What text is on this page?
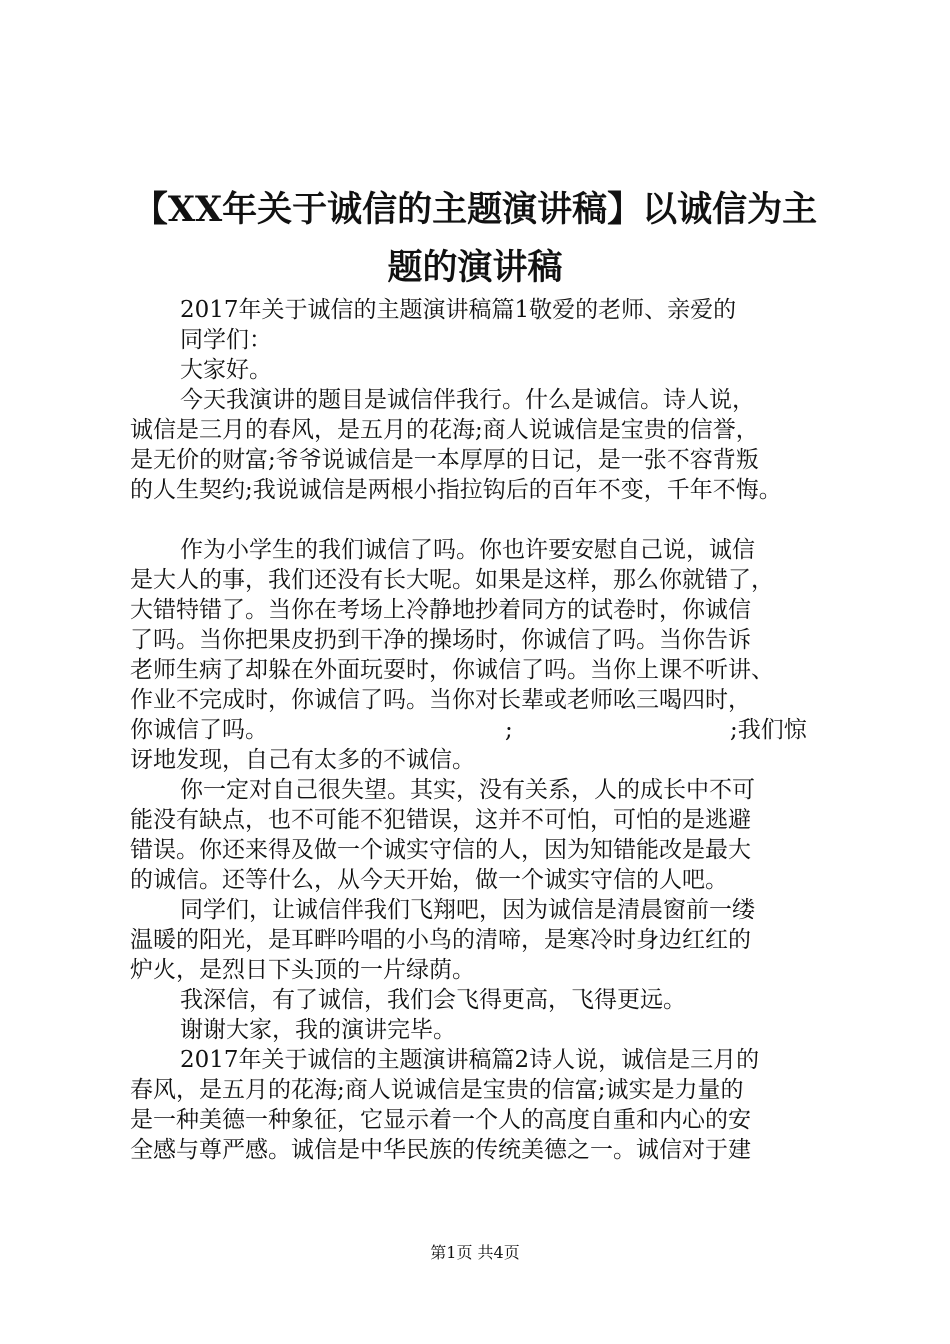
【XX年关于诚信的主题演讲稿】以诚信为主
题的演讲稿
2017年关于诚信的主题演讲稿篇1敬爱的老师、亲爱的
同学们：
大家好。
今天我演讲的题目是诚信伴我行。什么是诚信。诗人说，
诚信是三月的春风，是五月的花海;商人说诚信是宝贵的信誉，
是无价的财富;爷爷说诚信是一本厚厚的日记，是一张不容背叛
的人生契约;我说诚信是两根小指拉钩后的百年不变，千年不悔。
作为小学生的我们诚信了吗。你也许要安慰自己说，诚信
是大人的事，我们还没有长大呢。如果是这样，那么你就错了，
大错特错了。当你在考场上冷静地抄着同方的试卷时，你诚信
了吗。当你把果皮扔到干净的操场时，你诚信了吗。当你告诉
老师生病了却躲在外面玩耍时，你诚信了吗。当你上课不听讲、
作业不完成时，你诚信了吗。当你对长辈或老师吆三喝四时，
你诚信了吗。	;	;我们惊
讶地发现，自己有太多的不诚信。
你一定对自己很失望。其实，没有关系，人的成长中不可
能没有缺点，也不可能不犯错误，这并不可怕，可怕的是逃避
错误。你还来得及做一个诚实守信的人，因为知错能改是最大
的诚信。还等什么，从今天开始，做一个诚实守信的人吧。
同学们，让诚信伴我们飞翔吧，因为诚信是清晨窗前一缕
温暖的阳光，是耳畔吟唱的小鸟的清啼，是寒冷时身边红红的
炉火，是烈日下头顶的一片绿荫。
我深信，有了诚信，我们会飞得更高，飞得更远。
谢谢大家，我的演讲完毕。
2017年关于诚信的主题演讲稿篇2诗人说，诚信是三月的
春风，是五月的花海;商人说诚信是宝贵的信富;诚实是力量的
是一种美德一种象征，它显示着一个人的高度自重和内心的安
全感与尊严感。诚信是中华民族的传统美德之一。诚信对于建
第1页 共4页
